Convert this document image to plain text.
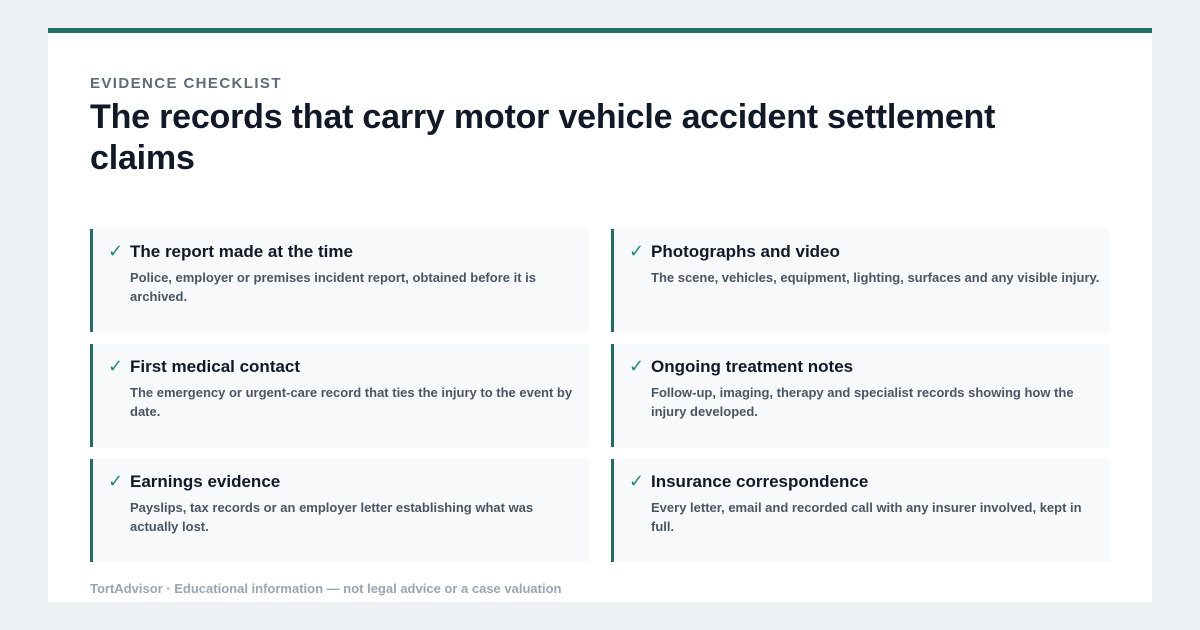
EVIDENCE CHECKLIST
The records that carry motor vehicle accident settlement claims
✓ The report made at the time
Police, employer or premises incident report, obtained before it is archived.
✓ Photographs and video
The scene, vehicles, equipment, lighting, surfaces and any visible injury.
✓ First medical contact
The emergency or urgent-care record that ties the injury to the event by date.
✓ Ongoing treatment notes
Follow-up, imaging, therapy and specialist records showing how the injury developed.
✓ Earnings evidence
Payslips, tax records or an employer letter establishing what was actually lost.
✓ Insurance correspondence
Every letter, email and recorded call with any insurer involved, kept in full.
TortAdvisor · Educational information — not legal advice or a case valuation
